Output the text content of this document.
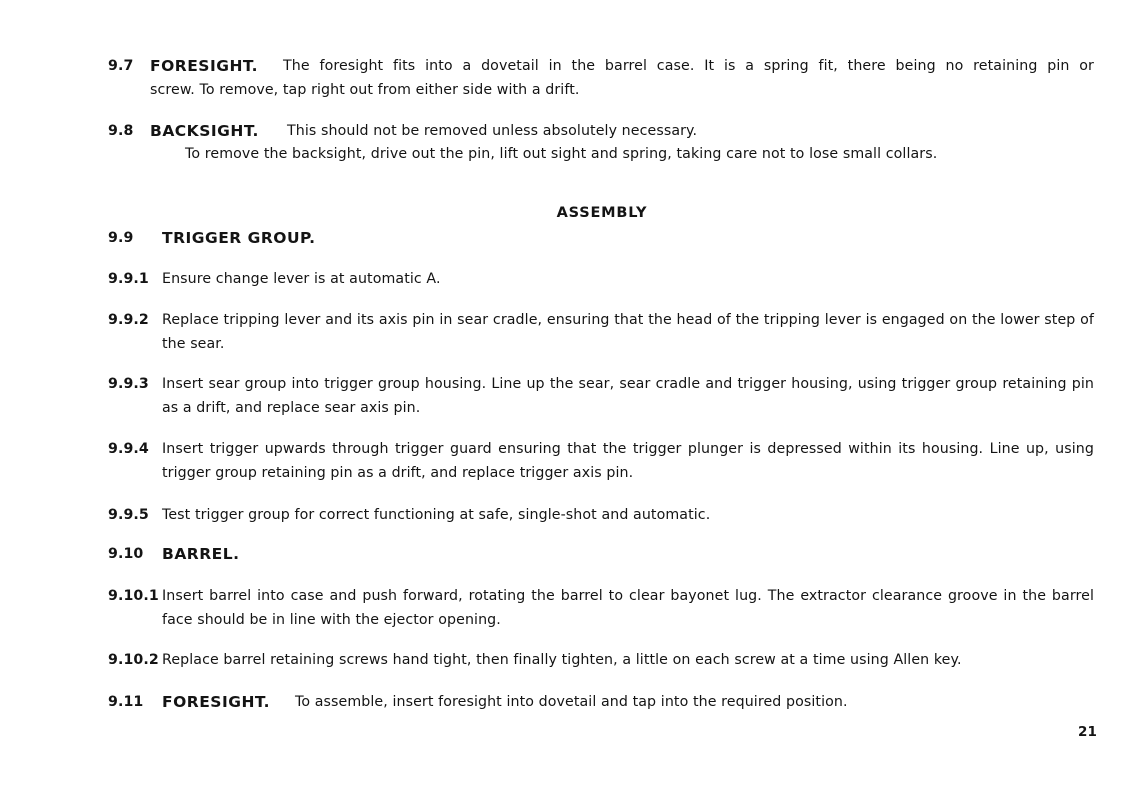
9.7 FORESIGHT. The foresight fits into a dovetail in the barrel case. It is a spring fit, there being no retaining pin or
screw. To remove, tap right out from either side with a drift.
9.8 BACKSIGHT. This should not be removed unless absolutely necessary.
To remove the backsight, drive out the pin, lift out sight and spring, taking care not to lose small collars.
ASSEMBLY
9.9 TRIGGER GROUP.
9.9.1 Ensure change lever is at automatic A.
9.9.2 Replace tripping lever and its axis pin in sear cradle, ensuring that the head of the tripping lever is engaged on the lower step of the sear.
9.9.3 Insert sear group into trigger group housing. Line up the sear, sear cradle and trigger housing, using trigger group retaining pin as a drift, and replace sear axis pin.
9.9.4 Insert trigger upwards through trigger guard ensuring that the trigger plunger is depressed within its housing. Line up, using trigger group retaining pin as a drift, and replace trigger axis pin.
9.9.5 Test trigger group for correct functioning at safe, single-shot and automatic.
9.10 BARREL.
9.10.1 Insert barrel into case and push forward, rotating the barrel to clear bayonet lug. The extractor clearance groove in the barrel face should be in line with the ejector opening.
9.10.2 Replace barrel retaining screws hand tight, then finally tighten, a little on each screw at a time using Allen key.
9.11 FORESIGHT. To assemble, insert foresight into dovetail and tap into the required position.
21
